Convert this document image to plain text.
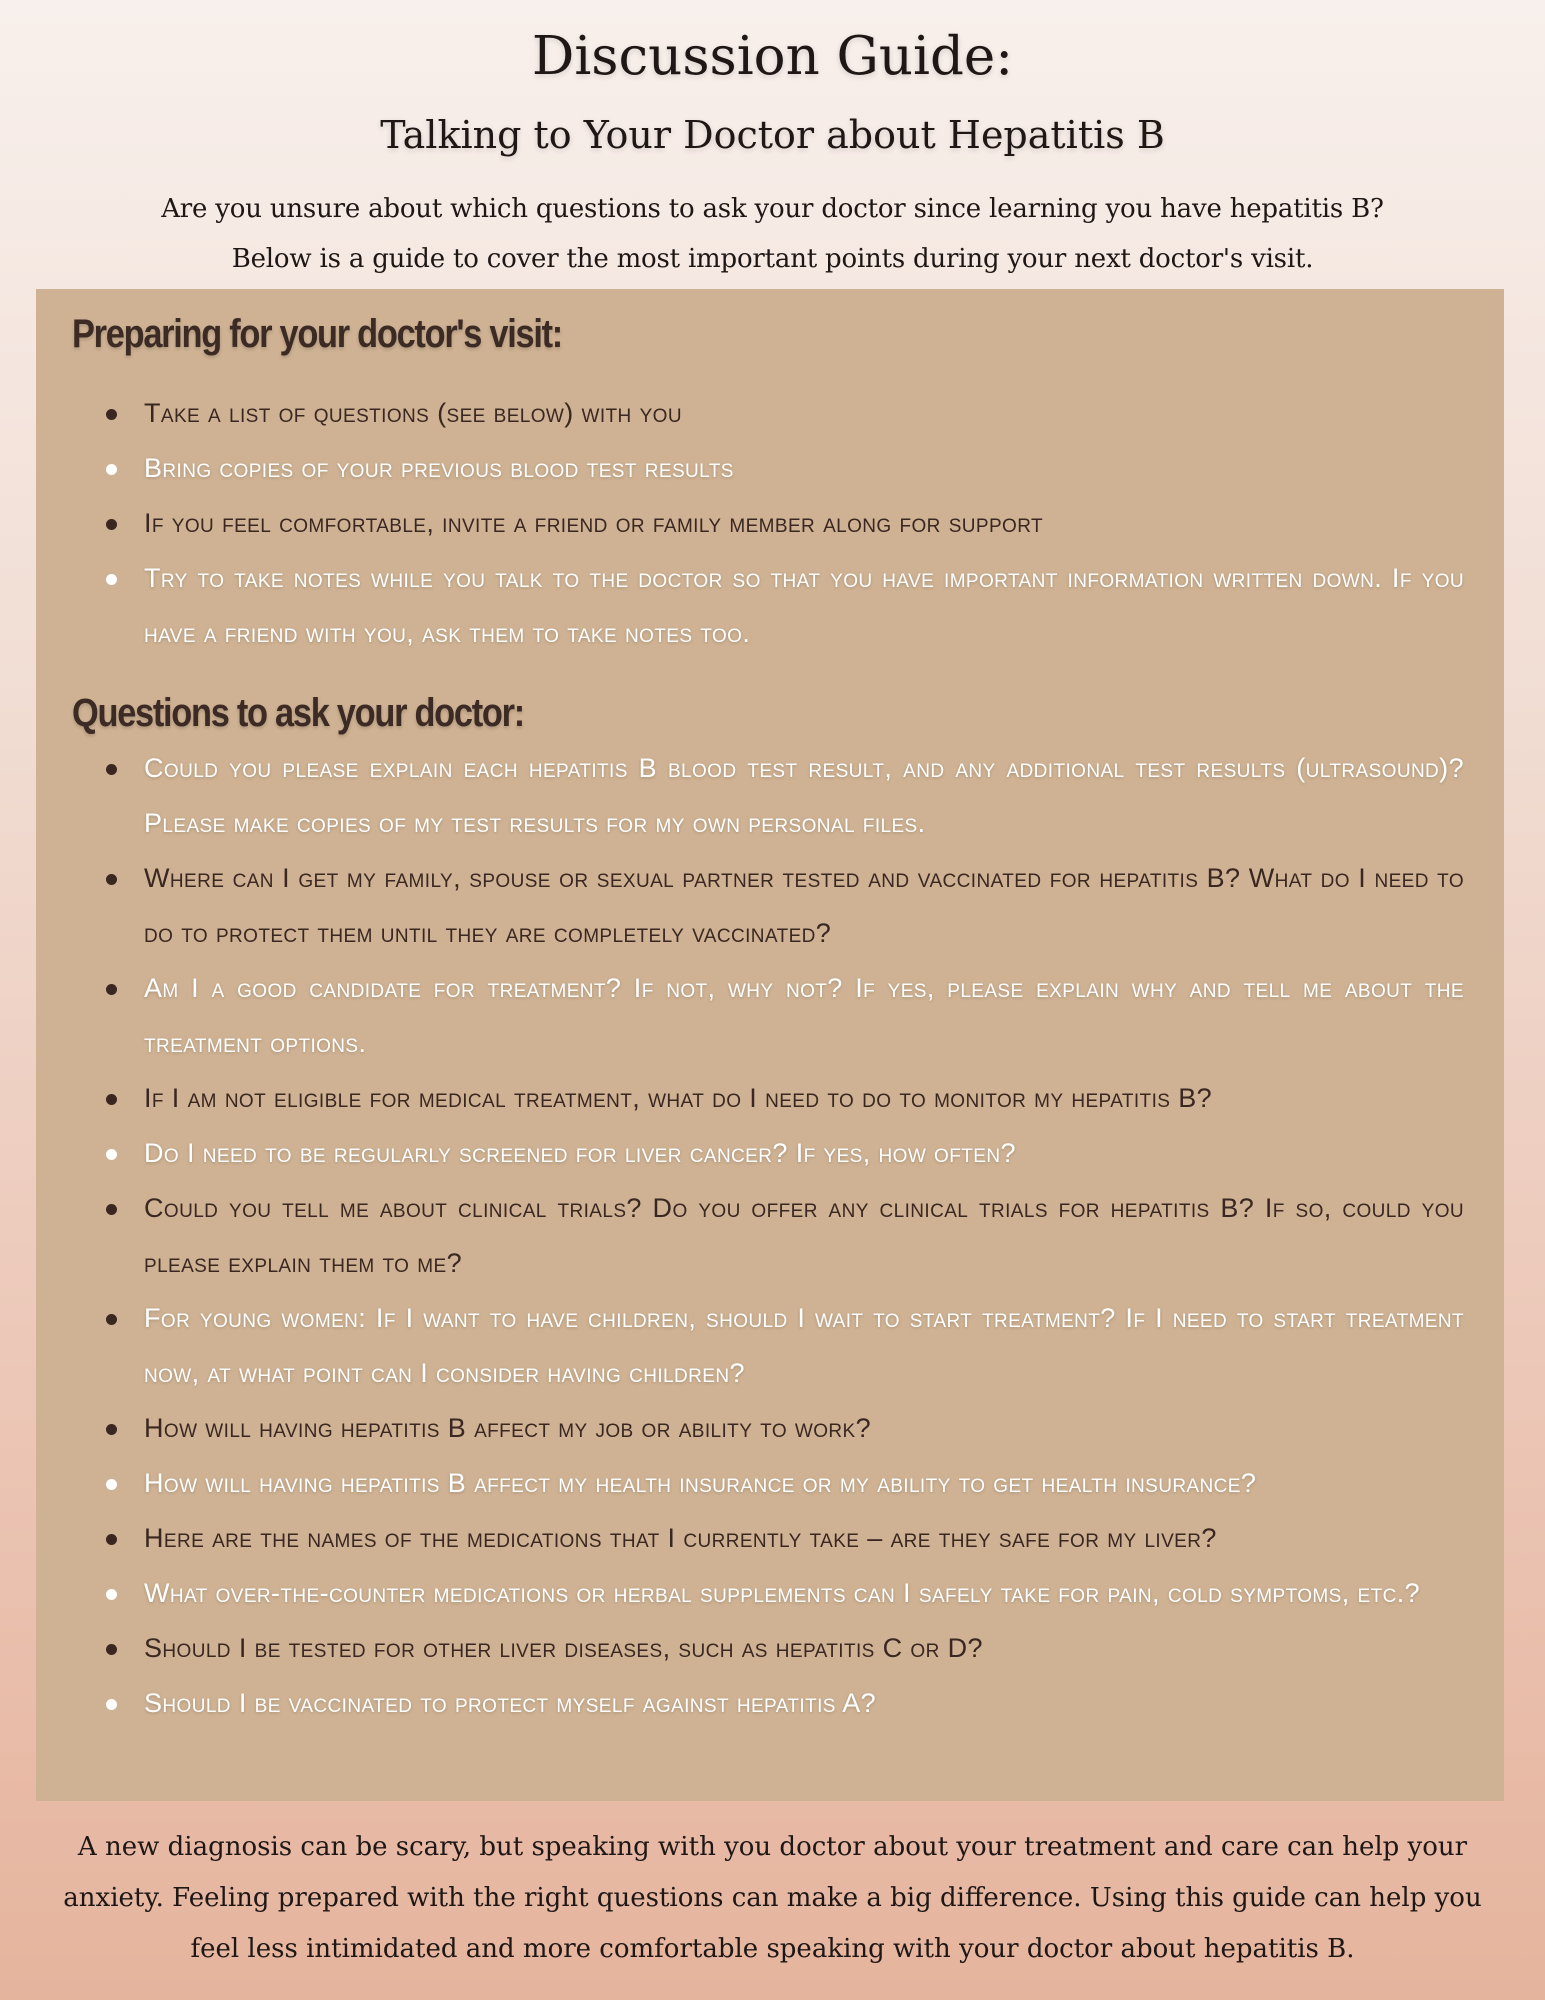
Discussion Guide:
Talking to Your Doctor about Hepatitis B

Are you unsure about which questions to ask your doctor since learning you have hepatitis B?

Below is a guide to cover the most important points during your next doctor's visit.

Preparing for your doctor's visit:
Take a list of questions (see below) with you
Bring copies of your previous blood test results
If you feel comfortable, invite a friend or family member along for support
Try to take notes while you talk to the doctor so that you have important information written down. If you have a friend with you, ask them to take notes too.
Questions to ask your doctor:
Could you please explain each hepatitis B blood test result, and any additional test results (ultrasound)? Please make copies of my test results for my own personal files.
Where can I get my family, spouse or sexual partner tested and vaccinated for hepatitis B? What do I need to do to protect them until they are completely vaccinated?
Am I a good candidate for treatment? If not, why not? If yes, please explain why and tell me about the treatment options.
If I am not eligible for medical treatment, what do I need to do to monitor my hepatitis B?
Do I need to be regularly screened for liver cancer? If yes, how often?
Could you tell me about clinical trials? Do you offer any clinical trials for hepatitis B? If so, could you please explain them to me?
For young women: If I want to have children, should I wait to start treatment? If I need to start treatment now, at what point can I consider having children?
How will having hepatitis B affect my job or ability to work?
How will having hepatitis B affect my health insurance or my ability to get health insurance?
Here are the names of the medications that I currently take – are they safe for my liver?
What over-the-counter medications or herbal supplements can I safely take for pain, cold symptoms, etc.?
Should I be tested for other liver diseases, such as hepatitis C or D?
Should I be vaccinated to protect myself against hepatitis A?

A new diagnosis can be scary, but speaking with you doctor about your treatment and care can help your anxiety. Feeling prepared with the right questions can make a big difference. Using this guide can help you feel less intimidated and more comfortable speaking with your doctor about hepatitis B.
